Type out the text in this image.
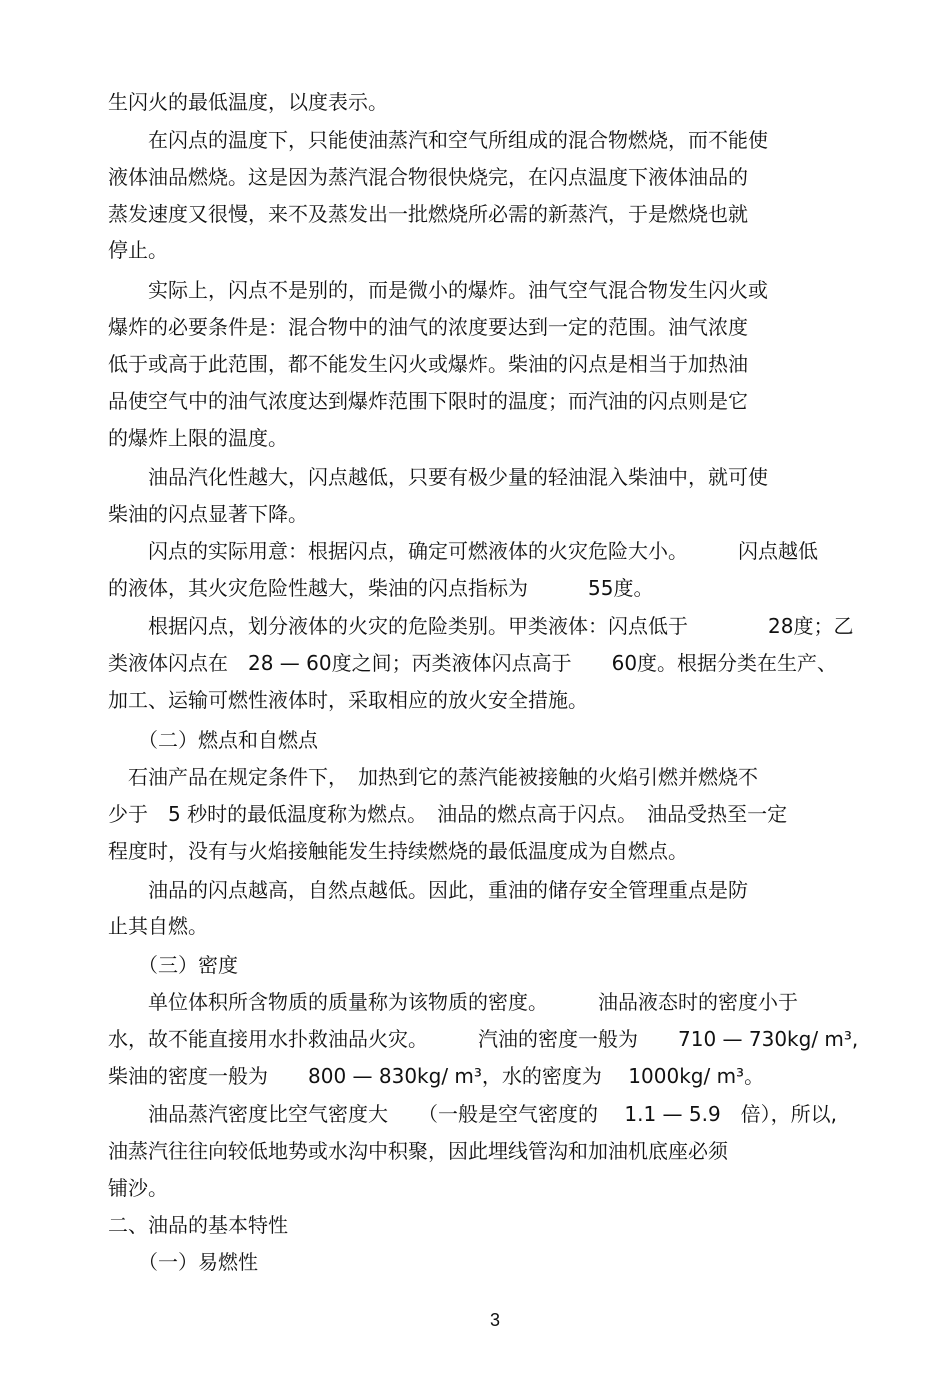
生闪火的最低温度，以度表示。
　　在闪点的温度下，只能使油蒸汽和空气所组成的混合物燃烧，而不能使
液体油品燃烧。这是因为蒸汽混合物很快烧完，在闪点温度下液体油品的
蒸发速度又很慢，来不及蒸发出一批燃烧所必需的新蒸汽，于是燃烧也就
停止。
　　实际上，闪点不是别的，而是微小的爆炸。油气空气混合物发生闪火或
爆炸的必要条件是：混合物中的油气的浓度要达到一定的范围。油气浓度
低于或高于此范围，都不能发生闪火或爆炸。柴油的闪点是相当于加热油
品使空气中的油气浓度达到爆炸范围下限时的温度；而汽油的闪点则是它
的爆炸上限的温度。
　　油品汽化性越大，闪点越低，只要有极少量的轻油混入柴油中，就可使
柴油的闪点显著下降。
　　闪点的实际用意：根据闪点，确定可燃液体的火灾危险大小。　　　闪点越低
的液体，其火灾危险性越大，柴油的闪点指标为　　　55度。
　　根据闪点，划分液体的火灾的危险类别。甲类液体：闪点低于　　　　28度；乙
类液体闪点在　28 — 60度之间；丙类液体闪点高于　　60度。根据分类在生产、
加工、运输可燃性液体时，采取相应的放火安全措施。
　　（二）燃点和自燃点
　石油产品在规定条件下，　加热到它的蒸汽能被接触的火焰引燃并燃烧不
少于　5 秒时的最低温度称为燃点。　油品的燃点高于闪点。　油品受热至一定
程度时，没有与火焰接触能发生持续燃烧的最低温度成为自燃点。
　　油品的闪点越高，自然点越低。因此，重油的储存安全管理重点是防
止其自燃。
　　（三）密度
　　单位体积所含物质的质量称为该物质的密度。　　　油品液态时的密度小于
水，故不能直接用水扑救油品火灾。　　　汽油的密度一般为　　710 — 730kg/ m³,
柴油的密度一般为　　800 — 830kg/ m³，水的密度为　 1000kg/ m³。
　　油品蒸汽密度比空气密度大　　（一般是空气密度的　 1.1 — 5.9　倍），所以,
油蒸汽往往向较低地势或水沟中积聚，因此埋线管沟和加油机底座必须
铺沙。
二、油品的基本特性
　　（一）易燃性
3
